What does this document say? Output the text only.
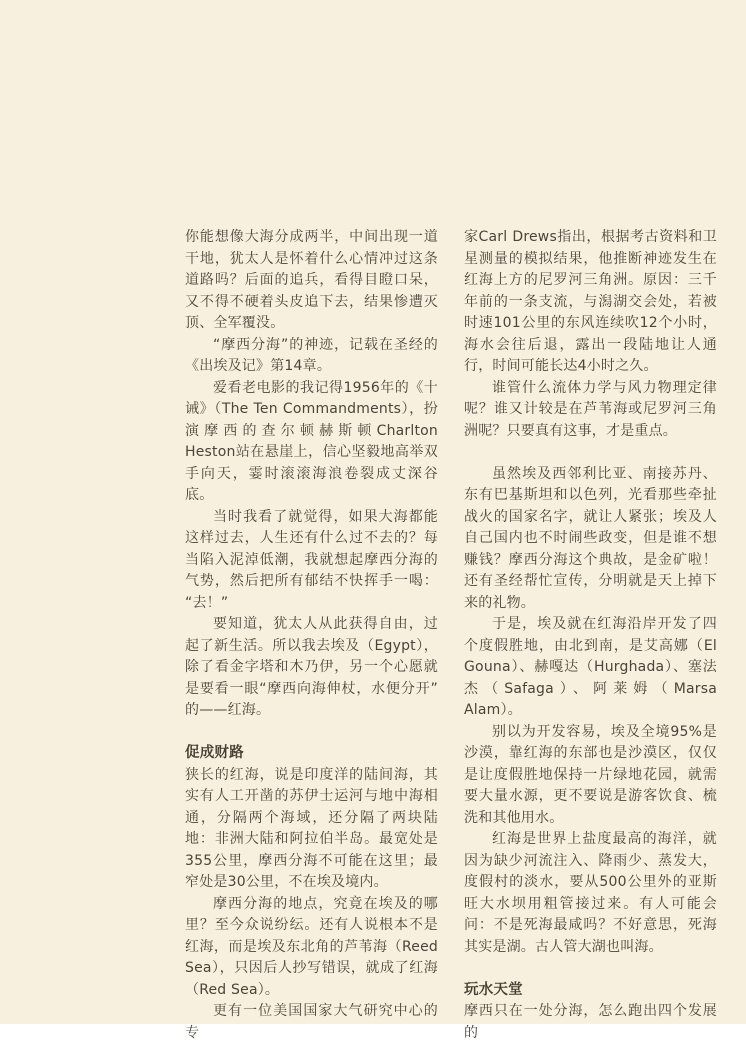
你能想像大海分成两半，中间出现一道干地，犹太人是怀着什么心情冲过这条道路吗？后面的追兵，看得目瞪口呆，又不得不硬着头皮追下去，结果惨遭灭顶、全军覆没。

“摩西分海”的神迹，记载在圣经的《出埃及记》第14章。

爱看老电影的我记得1956年的《十诫》（The Ten Commandments），扮演摩西的查尔顿赫斯顿Charlton Heston站在悬崖上，信心坚毅地高举双手向天，霎时滚滚海浪卷裂成丈深谷底。

当时我看了就觉得，如果大海都能这样过去，人生还有什么过不去的？每当陷入泥淖低潮，我就想起摩西分海的气势，然后把所有郁结不快挥手一喝：“去！”

要知道，犹太人从此获得自由，过起了新生活。所以我去埃及（Egypt），除了看金字塔和木乃伊，另一个心愿就是要看一眼“摩西向海伸杖，水便分开”的——红海。

促成财路

狭长的红海，说是印度洋的陆间海，其实有人工开凿的苏伊士运河与地中海相通，分隔两个海域，还分隔了两块陆地：非洲大陆和阿拉伯半岛。最宽处是355公里，摩西分海不可能在这里；最窄处是30公里，不在埃及境内。

摩西分海的地点，究竟在埃及的哪里？至今众说纷纭。还有人说根本不是红海，而是埃及东北角的芦苇海（Reed Sea），只因后人抄写错误，就成了红海（Red Sea）。

更有一位美国国家大气研究中心的专

家Carl Drews指出，根据考古资料和卫星测量的模拟结果，他推断神迹发生在红海上方的尼罗河三角洲。原因：三千年前的一条支流，与潟湖交会处，若被时速101公里的东风连续吹12个小时，海水会往后退，露出一段陆地让人通行，时间可能长达4小时之久。

谁管什么流体力学与风力物理定律呢？谁又计较是在芦苇海或尼罗河三角洲呢？只要真有这事，才是重点。

虽然埃及西邻利比亚、南接苏丹、东有巴基斯坦和以色列，光看那些牵扯战火的国家名字，就让人紧张；埃及人自己国内也不时闹些政变，但是谁不想赚钱？摩西分海这个典故，是金矿啦！还有圣经帮忙宣传，分明就是天上掉下来的礼物。

于是，埃及就在红海沿岸开发了四个度假胜地，由北到南，是艾高娜（El Gouna）、赫嘎达（Hurghada）、塞法杰（Safaga）、阿莱姆（Marsa Alam）。

别以为开发容易，埃及全境95%是沙漠，靠红海的东部也是沙漠区，仅仅是让度假胜地保持一片绿地花园，就需要大量水源，更不要说是游客饮食、梳洗和其他用水。

红海是世界上盐度最高的海洋，就因为缺少河流注入、降雨少、蒸发大，度假村的淡水，要从500公里外的亚斯旺大水坝用粗管接过来。有人可能会问：不是死海最咸吗？不好意思，死海其实是湖。古人管大湖也叫海。

玩水天堂

摩西只在一处分海，怎么跑出四个发展的
